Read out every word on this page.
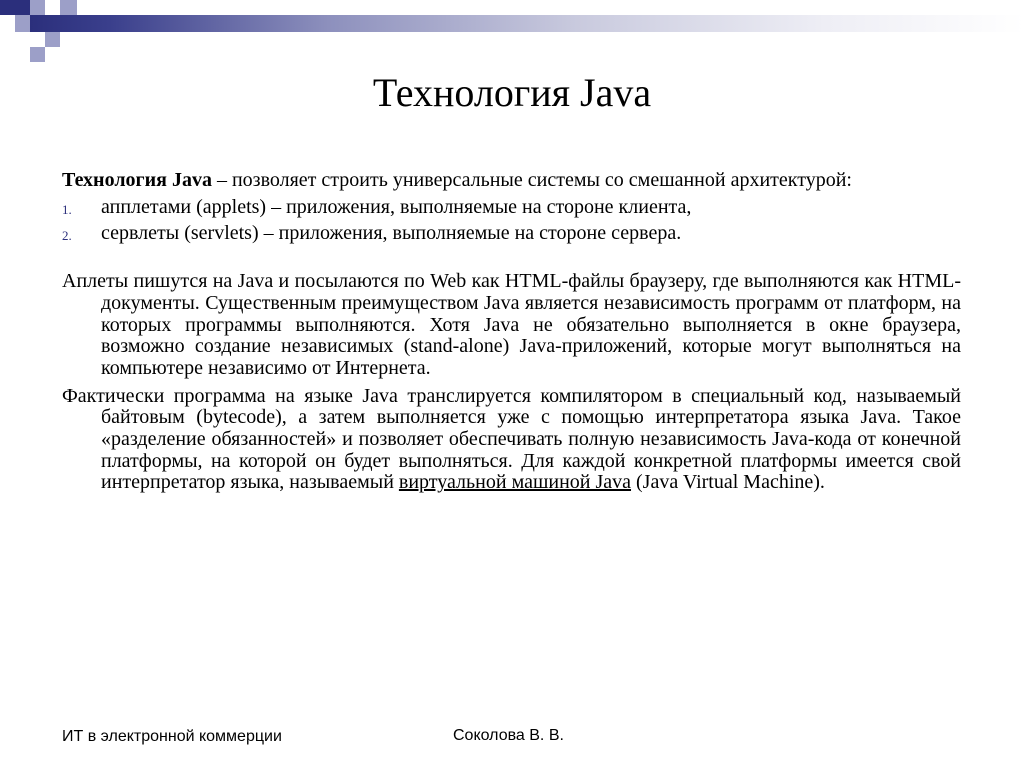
Технология Java
Технология Java – позволяет строить универсальные системы со смешанной архитектурой:
1. апплетами (applets) – приложения, выполняемые на стороне клиента,
2. сервлеты (servlets) – приложения, выполняемые на стороне сервера.
Аплеты пишутся на Java и посылаются по Web как HTML-файлы браузеру, где выполняются как HTML-документы. Существенным преимуществом Java является независимость программ от платформ, на которых программы выполняются. Хотя Java не обязательно выполняется в окне браузера, возможно создание независимых (stand-alone) Java-приложений, которые могут выполняться на компьютере независимо от Интернета.
Фактически программа на языке Java транслируется компилятором в специальный код, называемый байтовым (bytecode), а затем выполняется уже с помощью интерпретатора языка Java. Такое «разделение обязанностей» и позволяет обеспечивать полную независимость Java-кода от конечной платформы, на которой он будет выполняться. Для каждой конкретной платформы имеется свой интерпретатор языка, называемый виртуальной машиной Java (Java Virtual Machine).
ИТ в электронной коммерции	Соколова В. В.
